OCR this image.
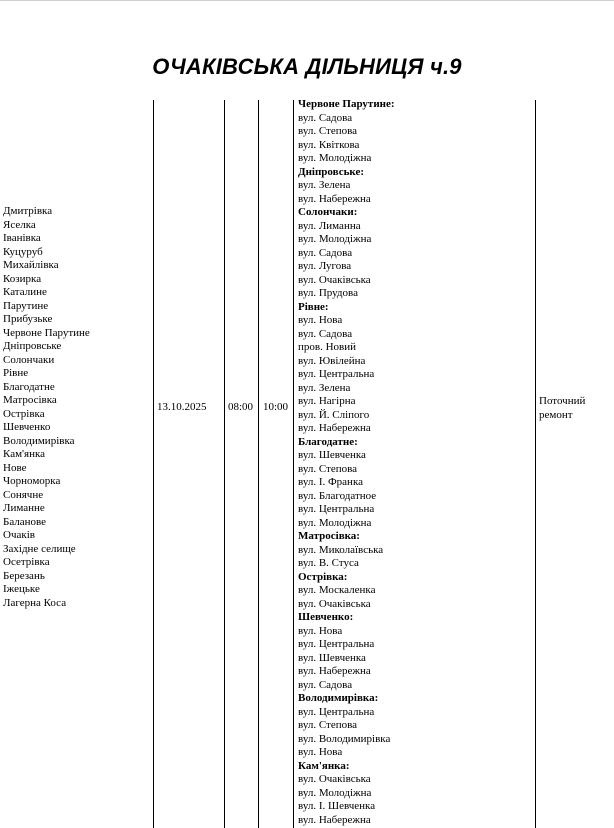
ОЧАКІВСЬКА ДІЛЬНИЦЯ ч.9
Дмитрівка
Яселка
Іванівка
Куцуруб
Михайлівка
Козирка
Каталине
Парутине
Прибузьке
Червоне Парутине
Дніпровське
Солончаки
Рівне
Благодатне
Матросівка
Острівка
Шевченко
Володимирівка
Кам'янка
Нове
Чорноморка
Сонячне
Лиманне
Баланове
Очаків
Західне селище
Осетрівка
Березань
Іжецьке
Лагерна Коса
13.10.2025 08:00 10:00
Червоне Парутине:
вул. Садова
вул. Степова
вул. Квіткова
вул. Молодіжна
Дніпровське:
вул. Зелена
вул. Набережна
Солончаки:
вул. Лиманна
вул. Молодіжна
вул. Садова
вул. Лугова
вул. Очаківська
вул. Прудова
Рівне:
вул. Нова
вул. Садова
пров. Новий
вул. Ювілейна
вул. Центральна
вул. Зелена
вул. Нагірна
вул. Й. Сліпого
вул. Набережна
Благодатне:
вул. Шевченка
вул. Степова
вул. І. Франка
вул. Благодатное
вул. Центральна
вул. Молодіжна
Матросівка:
вул. Миколаївська
вул. В. Стуса
Острівка:
вул. Москаленка
вул. Очаківська
Шевченко:
вул. Нова
вул. Центральна
вул. Шевченка
вул. Набережна
вул. Садова
Володимирівка:
вул. Центральна
вул. Степова
вул. Володимирівка
вул. Нова
Кам'янка:
вул. Очаківська
вул. Молодіжна
вул. І. Шевченка
вул. Набережна
Поточний ремонт
